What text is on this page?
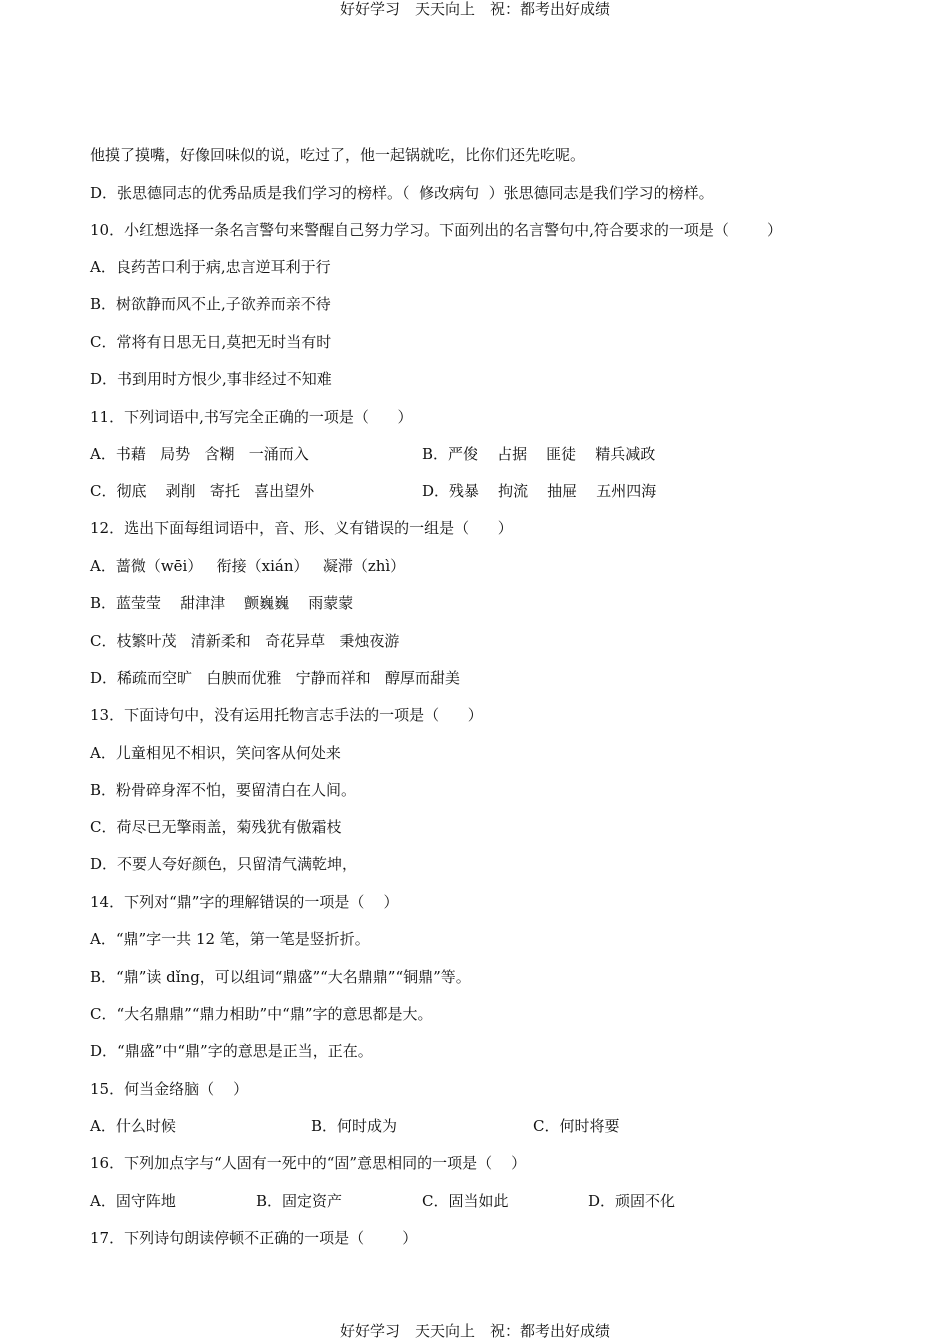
好好学习　天天向上　祝：都考出好成绩
他摸了摸嘴，好像回味似的说，吃过了，他一起锅就吃，比你们还先吃呢。
D．张思德同志的优秀品质是我们学习的榜样。（  修改病句  ）张思德同志是我们学习的榜样。
10．小红想选择一条名言警句来警醒自己努力学习。下面列出的名言警句中,符合要求的一项是（        ）
A．良药苦口利于病,忠言逆耳利于行
B．树欲静而风不止,子欲养而亲不待
C．常将有日思无日,莫把无时当有时
D．书到用时方恨少,事非经过不知难
11．下列词语中,书写完全正确的一项是（      ）
A．书藉   局势   含糊   一涌而入	B．严俊    占据    匪徒    精兵减政
C．彻底    剥削   寄托   喜出望外	D．残暴    拘流    抽屉    五州四海
12．选出下面每组词语中，音、形、义有错误的一组是（      ）
A．蔷微（wēi）   衔接（xián）   凝滞（zhì）
B．蓝莹莹    甜津津    颤巍巍    雨蒙蒙
C．枝繁叶茂   清新柔和   奇花异草   秉烛夜游
D．稀疏而空旷   白腴而优雅   宁静而祥和   醇厚而甜美
13．下面诗句中，没有运用托物言志手法的一项是（      ）
A．儿童相见不相识，笑问客从何处来
B．粉骨碎身浑不怕，要留清白在人间。
C．荷尽已无擎雨盖，菊残犹有傲霜枝
D．不要人夸好颜色，只留清气满乾坤，
14．下列对“鼎”字的理解错误的一项是（    ）
A．“鼎”字一共 12 笔，第一笔是竖折折。
B．“鼎”读 dǐng，可以组词“鼎盛”“大名鼎鼎”“铜鼎”等。
C．“大名鼎鼎”“鼎力相助”中“鼎”字的意思都是大。
D．“鼎盛”中“鼎”字的意思是正当，正在。
15．何当金络脑（    ）
A．什么时候	B．何时成为	C．何时将要
16．下列加点字与“人固有一死中的“固”意思相同的一项是（    ）
A．固守阵地	B．固定资产	C．固当如此	D．顽固不化
17．下列诗句朗读停顿不正确的一项是（        ）
好好学习　天天向上　祝：都考出好成绩
